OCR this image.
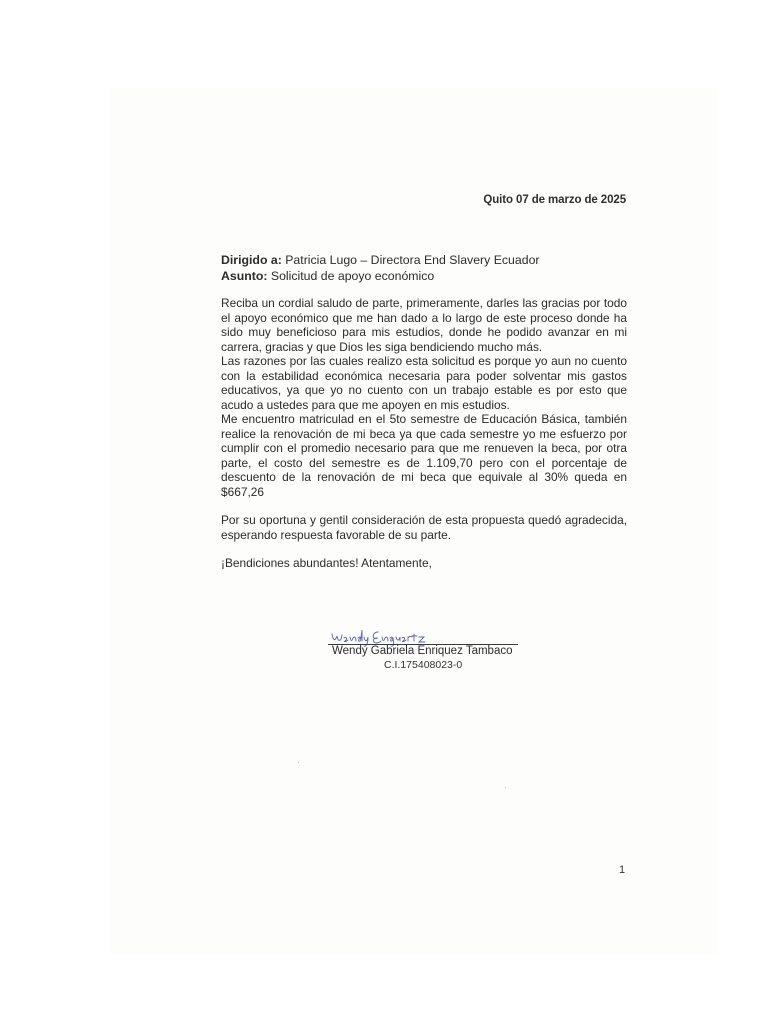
Quito 07 de marzo de 2025
Dirigido a: Patricia Lugo – Directora End Slavery Ecuador
Asunto: Solicitud de apoyo económico

Reciba un cordial saludo de parte, primeramente, darles las gracias por todo el apoyo económico que me han dado a lo largo de este proceso donde ha sido muy beneficioso para mis estudios, donde he podido avanzar en mi carrera, gracias y que Dios les siga bendiciendo mucho más.

Las razones por las cuales realizo esta solicitud es porque yo aun no cuento con la estabilidad económica necesaria para poder solventar mis gastos educativos, ya que yo no cuento con un trabajo estable es por esto que acudo a ustedes para que me apoyen en mis estudios.

Me encuentro matriculad en el 5to semestre de Educación Básica, también realice la renovación de mi beca ya que cada semestre yo me esfuerzo por cumplir con el promedio necesario para que me renueven la beca, por otra parte, el costo del semestre es de 1.109,70 pero con el porcentaje de descuento de la renovación de mi beca que equivale al 30% queda en $667,26

Por su oportuna y gentil consideración de esta propuesta quedó agradecida, esperando respuesta favorable de su parte.

¡Bendiciones abundantes! Atentamente,

Wendy Gabriela Enriquez Tambaco
C.I.175408023-0
1
